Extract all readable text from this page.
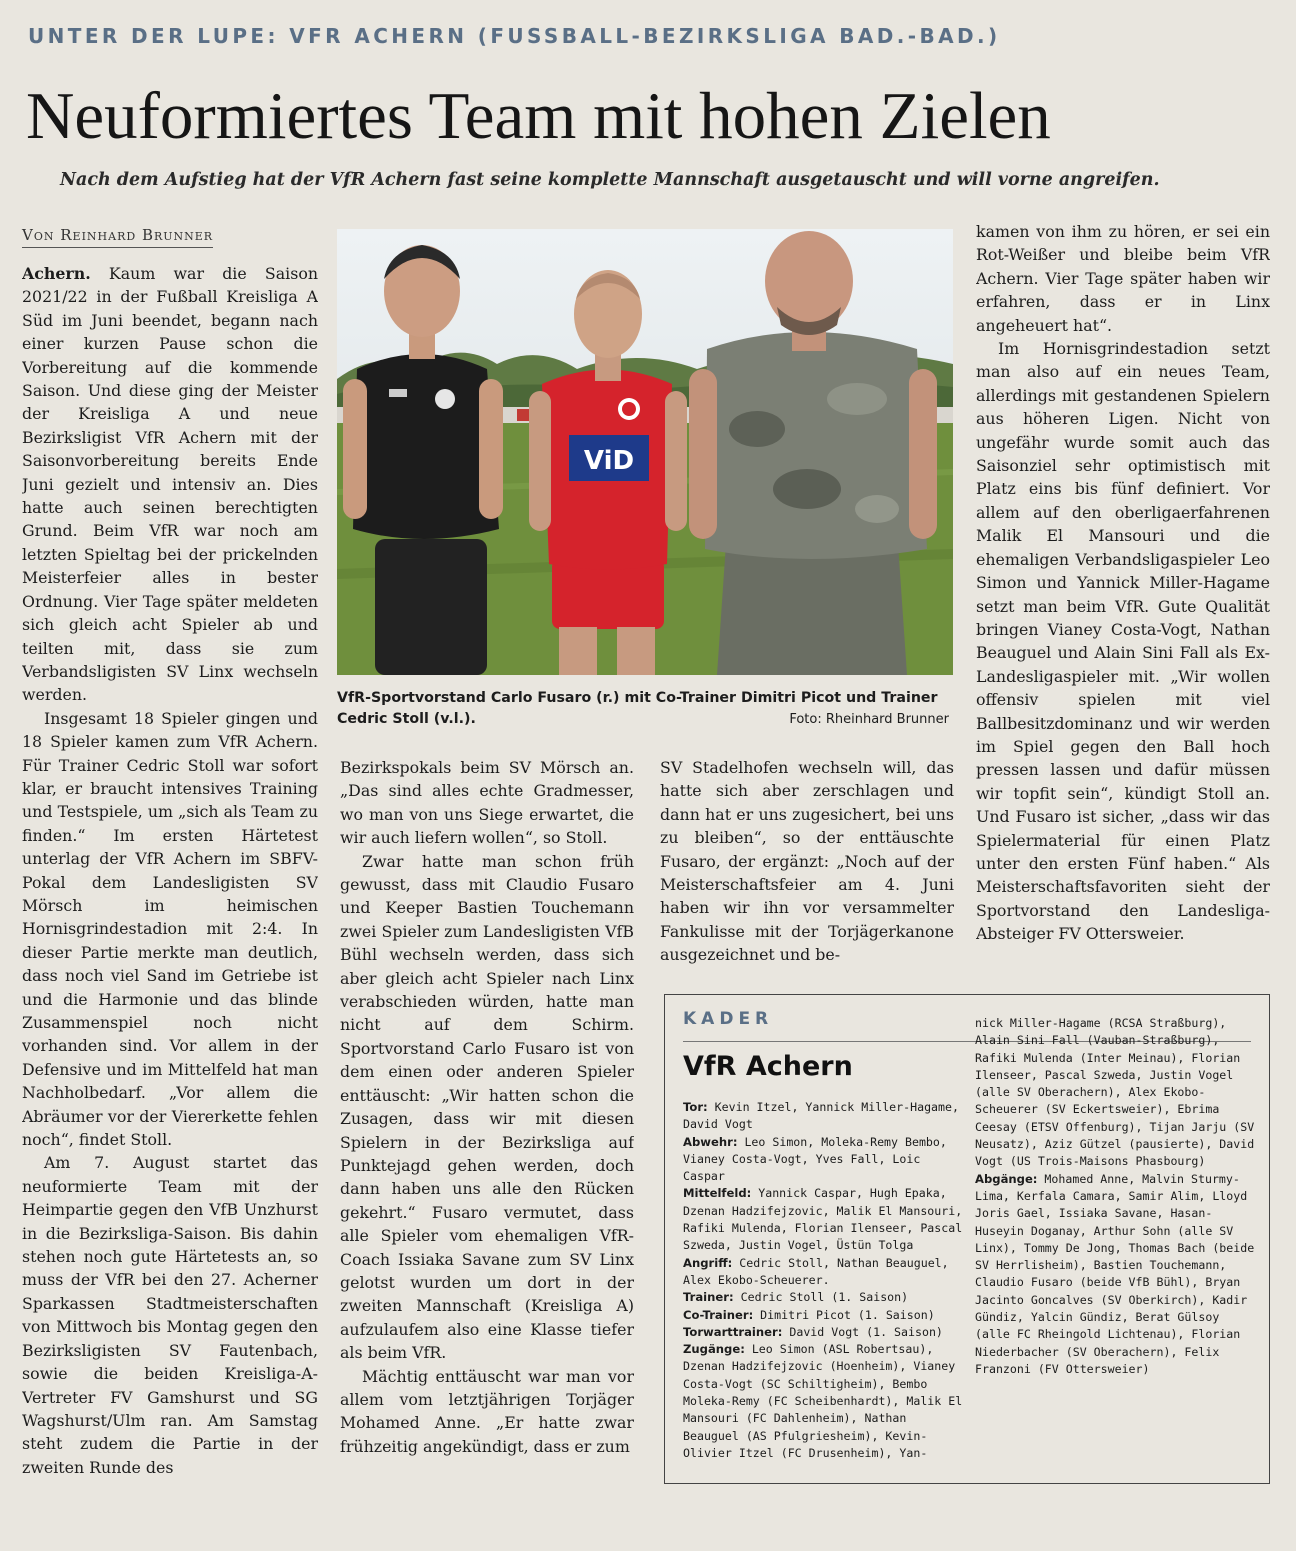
UNTER DER LUPE: VFR ACHERN (FUSSBALL-BEZIRKSLIGA BAD.-BAD.)
Neuformiertes Team mit hohen Zielen
Nach dem Aufstieg hat der VfR Achern fast seine komplette Mannschaft ausgetauscht und will vorne angreifen.
Von Reinhard Brunner

Achern. Kaum war die Saison 2021/22 in der Fußball Kreisliga A Süd im Juni beendet, begann nach einer kurzen Pause schon die Vorbereitung auf die kommende Saison. Und diese ging der Meister der Kreisliga A und neue Bezirksligist VfR Achern mit der Saisonvorbereitung bereits Ende Juni gezielt und intensiv an. Dies hatte auch seinen berechtigten Grund. Beim VfR war noch am letzten Spieltag bei der prickelnden Meisterfeier alles in bester Ordnung. Vier Tage später meldeten sich gleich acht Spieler ab und teilten mit, dass sie zum Verbandsligisten SV Linx wechseln werden.

Insgesamt 18 Spieler gingen und 18 Spieler kamen zum VfR Achern. Für Trainer Cedric Stoll war sofort klar, er braucht intensives Training und Testspiele, um „sich als Team zu finden.“ Im ersten Härtetest unterlag der VfR Achern im SBFV-Pokal dem Landesligisten SV Mörsch im heimischen Hornisgrindestadion mit 2:4. In dieser Partie merkte man deutlich, dass noch viel Sand im Getriebe ist und die Harmonie und das blinde Zusammenspiel noch nicht vorhanden sind. Vor allem in der Defensive und im Mittelfeld hat man Nachholbedarf. „Vor allem die Abräumer vor der Viererkette fehlen noch“, findet Stoll.

Am 7. August startet das neuformierte Team mit der Heimpartie gegen den VfB Unzhurst in die Bezirksliga-Saison. Bis dahin stehen noch gute Härtetests an, so muss der VfR bei den 27. Acherner Sparkassen Stadtmeisterschaften von Mittwoch bis Montag gegen den Bezirksligisten SV Fautenbach, sowie die beiden Kreisliga-A-Vertreter FV Gamshurst und SG Wagshurst/Ulm ran. Am Samstag steht zudem die Partie in der zweiten Runde des

ViD
VfR-Sportvorstand Carlo Fusaro (r.) mit Co-Trainer Dimitri Picot und Trainer Cedric Stoll (v.l.).	Foto: Rheinhard Brunner

Bezirkspokals beim SV Mörsch an. „Das sind alles echte Gradmesser, wo man von uns Siege erwartet, die wir auch liefern wollen“, so Stoll.

Zwar hatte man schon früh gewusst, dass mit Claudio Fusaro und Keeper Bastien Touchemann zwei Spieler zum Landesligisten VfB Bühl wechseln werden, dass sich aber gleich acht Spieler nach Linx verabschieden würden, hatte man nicht auf dem Schirm. Sportvorstand Carlo Fusaro ist von dem einen oder anderen Spieler enttäuscht: „Wir hatten schon die Zusagen, dass wir mit diesen Spielern in der Bezirksliga auf Punktejagd gehen werden, doch dann haben uns alle den Rücken gekehrt.“ Fusaro vermutet, dass alle Spieler vom ehemaligen VfR-Coach Issiaka Savane zum SV Linx gelotst wurden um dort in der zweiten Mannschaft (Kreisliga A) aufzulaufem also eine Klasse tiefer als beim VfR.

Mächtig enttäuscht war man vor allem vom letztjährigen Torjäger Mohamed Anne. „Er hatte zwar frühzeitig angekündigt, dass er zum

SV Stadelhofen wechseln will, das hatte sich aber zerschlagen und dann hat er uns zugesichert, bei uns zu bleiben“, so der enttäuschte Fusaro, der ergänzt: „Noch auf der Meisterschaftsfeier am 4. Juni haben wir ihn vor versammelter Fankulisse mit der Torjägerkanone ausgezeichnet und be-

kamen von ihm zu hören, er sei ein Rot-Weißer und bleibe beim VfR Achern. Vier Tage später haben wir erfahren, dass er in Linx angeheuert hat“.

Im Hornisgrindestadion setzt man also auf ein neues Team, allerdings mit gestandenen Spielern aus höheren Ligen. Nicht von ungefähr wurde somit auch das Saisonziel sehr optimistisch mit Platz eins bis fünf definiert. Vor allem auf den oberligaerfahrenen Malik El Mansouri und die ehemaligen Verbandsligaspieler Leo Simon und Yannick Miller-Hagame setzt man beim VfR. Gute Qualität bringen Vianey Costa-Vogt, Nathan Beauguel und Alain Sini Fall als Ex-Landesligaspieler mit. „Wir wollen offensiv spielen mit viel Ballbesitzdominanz und wir werden im Spiel gegen den Ball hoch pressen lassen und dafür müssen wir topfit sein“, kündigt Stoll an. Und Fusaro ist sicher, „dass wir das Spielermaterial für einen Platz unter den ersten Fünf haben.“ Als Meisterschaftsfavoriten sieht der Sportvorstand den Landesliga-Absteiger FV Ottersweier.

KADER
VfR Achern

Tor: Kevin Itzel, Yannick Miller-Hagame, David Vogt

Abwehr: Leo Simon, Moleka-Remy Bembo, Vianey Costa-Vogt, Yves Fall, Loic Caspar

Mittelfeld: Yannick Caspar, Hugh Epaka, Dzenan Hadzifejzovic, Malik El Mansouri, Rafiki Mulenda, Florian Ilenseer, Pascal Szweda, Justin Vogel, Üstün Tolga

Angriff: Cedric Stoll, Nathan Beauguel, Alex Ekobo-Scheuerer.

Trainer: Cedric Stoll (1. Saison)

Co-Trainer: Dimitri Picot (1. Saison)

Torwarttrainer: David Vogt (1. Saison)

Zugänge: Leo Simon (ASL Robertsau), Dzenan Hadzifejzovic (Hoenheim), Vianey Costa-Vogt (SC Schiltigheim), Bembo Moleka-Remy (FC Scheibenhardt), Malik El Mansouri (FC Dahlenheim), Nathan Beauguel (AS Pfulgriesheim), Kevin-Olivier Itzel (FC Drusenheim), Yan-

nick Miller-Hagame (RCSA Straßburg), Alain Sini Fall (Vauban-Straßburg), Rafiki Mulenda (Inter Meinau), Florian Ilenseer, Pascal Szweda, Justin Vogel (alle SV Oberachern), Alex Ekobo-Scheuerer (SV Eckertsweier), Ebrima Ceesay (ETSV Offenburg), Tijan Jarju (SV Neusatz), Aziz Gützel (pausierte), David Vogt (US Trois-Maisons Phasbourg)

Abgänge: Mohamed Anne, Malvin Sturmy-Lima, Kerfala Camara, Samir Alim, Lloyd Joris Gael, Issiaka Savane, Hasan-Huseyin Doganay, Arthur Sohn (alle SV Linx), Tommy De Jong, Thomas Bach (beide SV Herrlisheim), Bastien Touchemann, Claudio Fusaro (beide VfB Bühl), Bryan Jacinto Goncalves (SV Oberkirch), Kadir Gündiz, Yalcin Gündiz, Berat Gülsoy (alle FC Rheingold Lichtenau), Florian Niederbacher (SV Oberachern), Felix Franzoni (FV Ottersweier)
